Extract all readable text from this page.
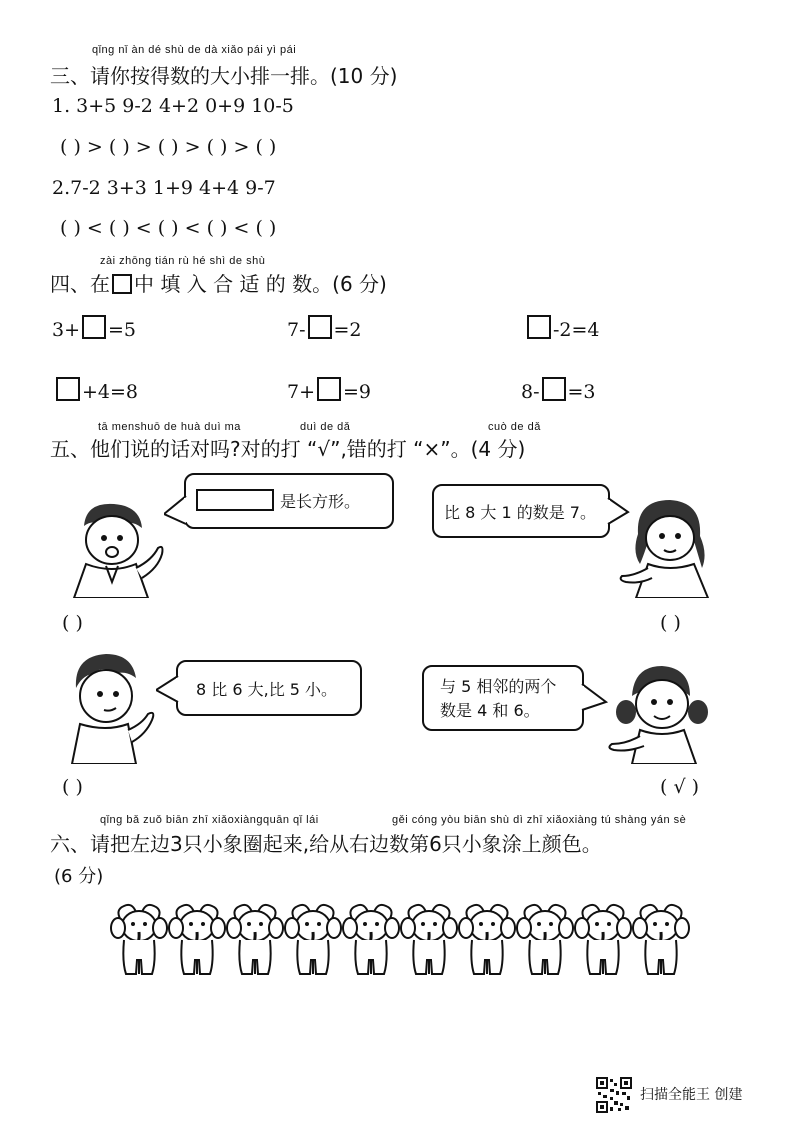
qǐng nǐ àn dé shù de dà xiǎo pái yì pái
三、请你按得数的大小排一排。(10 分)
1. 3+5 9-2 4+2 0+9 10-5
( ) > ( ) > ( ) > ( ) > ( )
2.7-2 3+3 1+9 4+4 9-7
( ) < ( ) < ( ) < ( ) < ( )
zài zhōng tián rù hé shì de shù
四、在 中 填 入 合 适 的 数。(6 分)
3+ =5	7- =2	-2=4
+4=8	7+ =9	8- =3
tā menshuō de huà duì ma	duì de dǎ	cuò de dǎ
五、他们说的话对吗?对的打 “√”,错的打 “×”。(4 分)
是长方形。
比 8 大 1 的数是 7。
( )	( )
8 比 6 大,比 5 小。	与 5 相邻的两个
数是 4 和 6。
( )	( √ )
qǐng bǎ zuǒ biān zhī xiǎoxiàngquān qǐ lái	gěi cóng yòu biān shù dì zhī xiǎoxiàng tú shàng yán sè
六、请把左边3只小象圈起来,给从右边数第6只小象涂上颜色。
(6 分)
扫描全能王 创建
